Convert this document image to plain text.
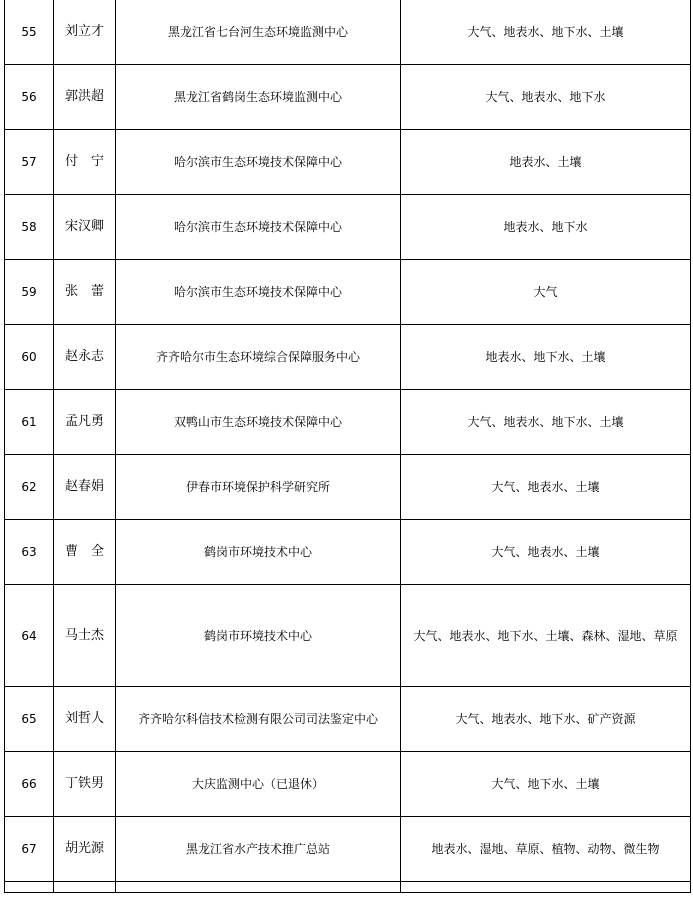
55	刘立才	黑龙江省七台河生态环境监测中心	大气、地表水、地下水、土壤
56	郭洪超	黑龙江省鹤岗生态环境监测中心	大气、地表水、地下水
57	付　宁	哈尔滨市生态环境技术保障中心	地表水、土壤
58	宋汉卿	哈尔滨市生态环境技术保障中心	地表水、地下水
59	张　蕾	哈尔滨市生态环境技术保障中心	大气
60	赵永志	齐齐哈尔市生态环境综合保障服务中心	地表水、地下水、土壤
61	孟凡勇	双鸭山市生态环境技术保障中心	大气、地表水、地下水、土壤
62	赵春娟	伊春市环境保护科学研究所	大气、地表水、土壤
63	曹　全	鹤岗市环境技术中心	大气、地表水、土壤
64	马士杰	鹤岗市环境技术中心	大气、地表水、地下水、土壤、森林、湿地、草原
65	刘哲人	齐齐哈尔科信技术检测有限公司司法鉴定中心	大气、地表水、地下水、矿产资源
66	丁铁男	大庆监测中心（已退休）	大气、地下水、土壤
67	胡光源	黑龙江省水产技术推广总站	地表水、湿地、草原、植物、动物、微生物
